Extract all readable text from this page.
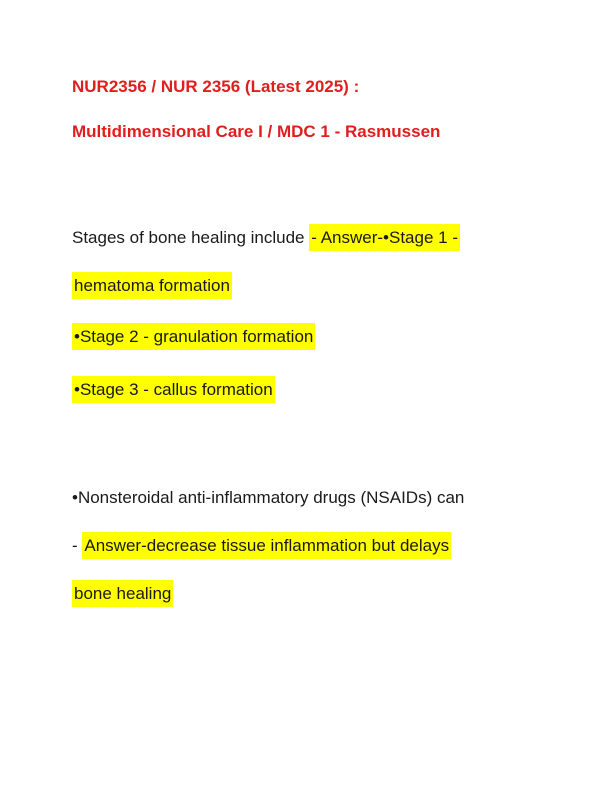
NUR2356 / NUR 2356 (Latest 2025) :
Multidimensional Care I / MDC 1 - Rasmussen

Stages of bone healing include - Answer-•Stage 1 -
hematoma formation

•Stage 2 - granulation formation

•Stage 3 - callus formation

•Nonsteroidal anti-inflammatory drugs (NSAIDs) can
- Answer-decrease tissue inflammation but delays
bone healing
